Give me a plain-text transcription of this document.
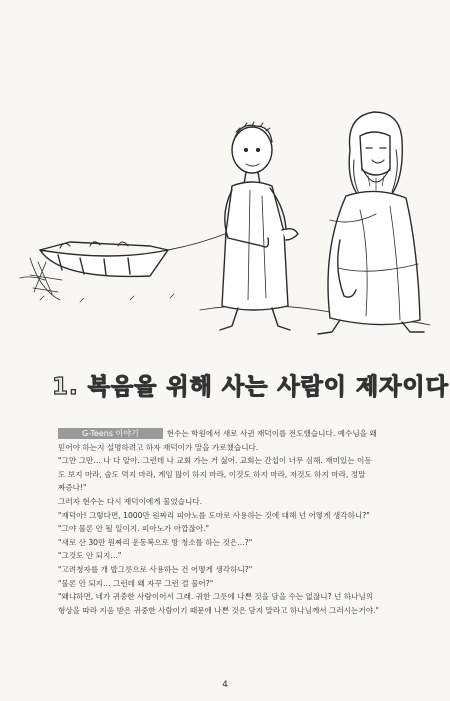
1. 복음을 위해 사는 사람이 제자이다

G-Teens 이야기	현수는 학원에서 새로 사귄 재덕이를 전도했습니다. 예수님을 왜

믿어야 하는지 설명하려고 하자 재덕이가 말을 가로챘습니다.

"그만 그만… 나 다 알아. 그런데 나 교회 가는 거 싫어. 교회는 간섭이 너무 심해. 재미있는 이동

도 보지 마라, 술도 먹지 마라, 게임 많이 하지 마라, 이것도 하지 마라, 저것도 하지 마라, 정말

짜증나!"

그러자 현수는 다시 재덕이에게 물었습니다.

"재덕아! 그렇다면, 1000만 원짜리 피아노를 도마로 사용하는 것에 대해 넌 어떻게 생각하니?"

"그야 물론 안 될 일이지. 피아노가 아깝잖아."

"새로 산 30만 원짜리 운동복으로 방 청소를 하는 것은…?"

"그것도 안 되지…"

"고려청자를 개 밥그릇으로 사용하는 건 어떻게 생각하니?"

"물론 안 되지… 그런데 왜 자꾸 그런 걸 물어?"

"왜냐하면, 네가 귀중한 사람이어서 그래. 귀한 그릇에 나쁜 것을 담을 수는 없잖니? 넌 하나님의

형상을 따라 지음 받은 귀중한 사람이기 때문에 나쁜 것은 담지 말라고 하나님께서 그러시는거야."

4
